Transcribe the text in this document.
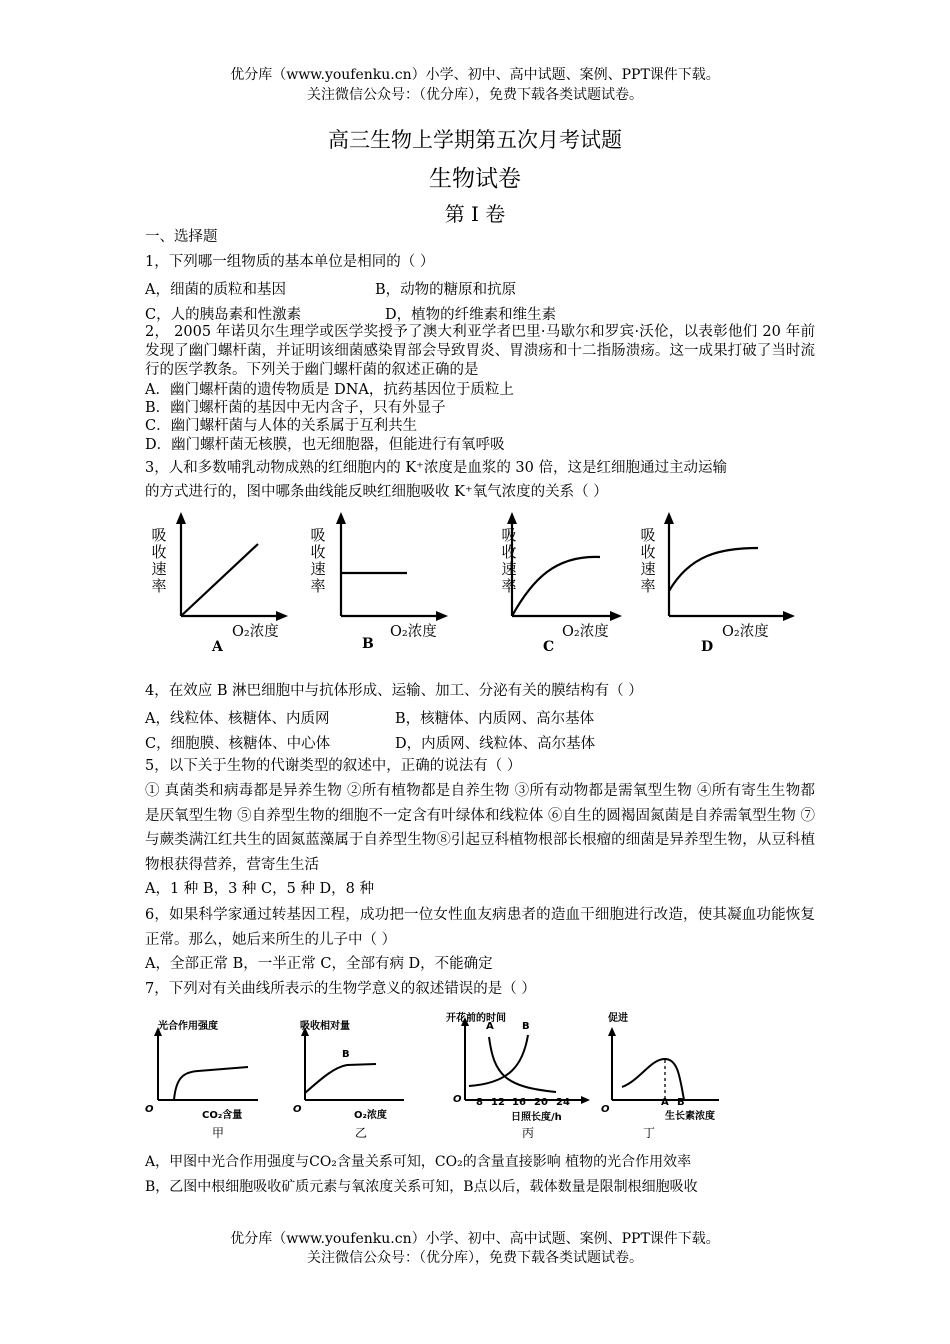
优分库（www.youfenku.cn）小学、初中、高中试题、案例、PPT课件下载。
关注微信公众号：（优分库），免费下载各类试题试卷。
高三生物上学期第五次月考试题
生物试卷
第 I 卷
一、选择题
1，下列哪一组物质的基本单位是相同的（ ）
A，细菌的质粒和基因	B，动物的糖原和抗原
C，人的胰岛素和性激素	D，植物的纤维素和维生素
2， 2005 年诺贝尔生理学或医学奖授予了澳大利亚学者巴里·马歇尔和罗宾·沃伦，以表彰他们 20 年前发现了幽门螺杆菌，并证明该细菌感染胃部会导致胃炎、胃溃疡和十二指肠溃疡。这一成果打破了当时流行的医学教条。下列关于幽门螺杆菌的叙述正确的是
A．幽门螺杆菌的遗传物质是 DNA，抗药基因位于质粒上
B．幽门螺杆菌的基因中无内含子，只有外显子
C．幽门螺杆菌与人体的关系属于互利共生
D．幽门螺杆菌无核膜，也无细胞器，但能进行有氧呼吸
3，人和多数哺乳动物成熟的红细胞内的 K⁺浓度是血浆的 30 倍，这是红细胞通过主动运输
的方式进行的，图中哪条曲线能反映红细胞吸收 K⁺氧气浓度的关系（ ）
吸收速率
吸收速率
吸收速率
吸收速率
O₂浓度	O₂浓度	O₂浓度	O₂浓度
A	B	C	D
4，在效应 B 淋巴细胞中与抗体形成、运输、加工、分泌有关的膜结构有（ ）
A，线粒体、核糖体、内质网	B，核糖体、内质网、高尔基体
C，细胞膜、核糖体、中心体	D，内质网、线粒体、高尔基体
5，以下关于生物的代谢类型的叙述中，正确的说法有（ ）
① 真菌类和病毒都是异养生物 ②所有植物都是自养生物 ③所有动物都是需氧型生物 ④所有寄生生物都是厌氧型生物 ⑤自养型生物的细胞不一定含有叶绿体和线粒体 ⑥自生的圆褐固氮菌是自养需氧型生物 ⑦与蕨类满江红共生的固氮蓝藻属于自养型生物⑧引起豆科植物根部长根瘤的细菌是异养型生物，从豆科植物根获得营养，营寄生生活
A，1 种 B，3 种 C，5 种 D，8 种
6，如果科学家通过转基因工程，成功把一位女性血友病患者的造血干细胞进行改造，使其凝血功能恢复正常。那么，她后来所生的儿子中（ ）
A，全部正常 B，一半正常 C，全部有病 D，不能确定
7，下列对有关曲线所表示的生物学意义的叙述错误的是（ ）
光合作用强度
O
CO₂含量
甲
吸收相对量
B
O
O₂浓度
乙
开花前的时间
A	B
O 8 12 16 20 24
日照长度/h
丙
促进
O
A B
生长素浓度
丁
A，甲图中光合作用强度与CO₂含量关系可知，CO₂的含量直接影响 植物的光合作用效率
B，乙图中根细胞吸收矿质元素与氧浓度关系可知，B点以后，载体数量是限制根细胞吸收
优分库（www.youfenku.cn）小学、初中、高中试题、案例、PPT课件下载。
关注微信公众号：（优分库），免费下载各类试题试卷。
